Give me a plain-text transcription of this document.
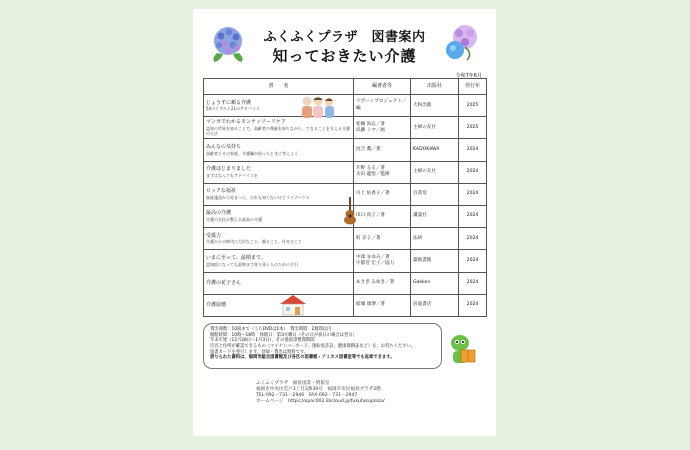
ふくふくプラザ　図書案内
知っておきたい介護
令和7年6月
書　　名	編著者等	出版社	発行年

じょうずに頼る介護
54のリアルと21のアドバイス	リボーンプロジェクト／編	大和出版	2025

マンガでわかるモンテッソーリケア
認知の世界を知ることで、高齢者の尊厳を保ちながら、できることを支える介護の方法	松鶴 尚志／著
浜藤 ミマ／画	主婦の友社	2025

みんなの気持ち
高齢者とその家族、介護職が困ったときに考えよう	河合 薫／著	KADOKAWA	2024

介護はじまりました
まずはなんでもアドバイスを	片野 るる／著
太田 龍悟／監修	主婦の友社	2024

ロックな福祉
福祉施設から始まった、だれも知らないけどライブハウス	川上 佑香子／著	百書房	2024

最高の介護
介護の名医が教える最高の介護	田口 真子／著	講談社	2024

受援力
介護からの時代に大切なこと、頼ること、任せること	町 京子／著	法研	2024

いまに至って、最期まで。
認知症になっても最期まで寄り添う人のための手引	中澤 まゆみ／著
宇都宮 宏子／協力	築地書館	2024

介護の花子さん	あさぎ みゆき／著	Gakken	2024

介護崩壊	結城 康博／著	岩波書店	2024
貸出冊数：10冊まで（うちDVDは1本）　貸出期間：2週間以内
開館時間：10時～18時　休館日：第3火曜日（その日が祝日の場合は翌日）
年末年始（12月28日～1月3日）、その他図書整理期間
氏名と住所が確認できるもの（マイナンバーカード、運転免許証、健康保険証など）を、お持ちください。
図書カードを発行します。登録・貸出は無料です。
借りられた資料は、福岡市総合図書館及び各区の図書館・アミカス図書室等でも返却できます。
ふくふくプラザ　福祉図書・情報室
福岡市中央区荒戸3丁目3番39号　福岡市市民福祉プラザ2階
TEL:092－731－2946　FAX:092－731－2947
ホームページ　https://opac002.libcloud.jp/fukufukuplaza/
